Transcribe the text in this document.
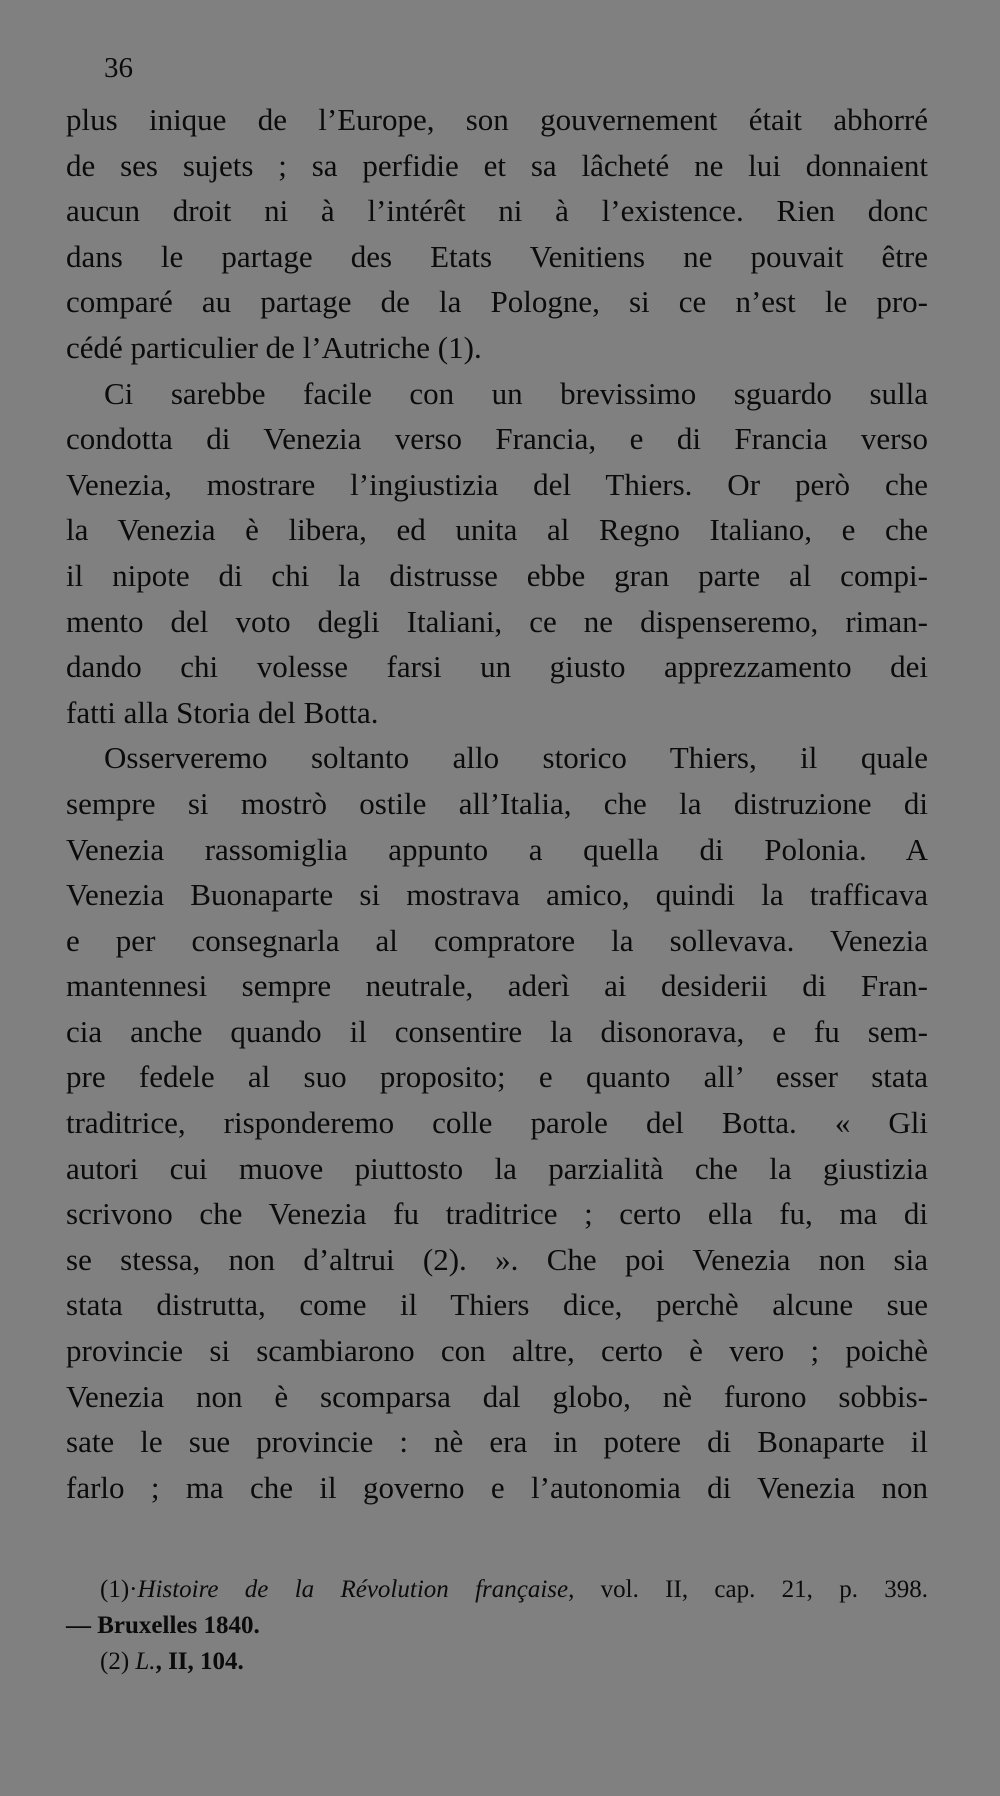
36
plus inique de l’Europe, son gouvernement était abhorré
de ses sujets ; sa perfidie et sa lâcheté ne lui donnaient
aucun droit ni à l’intérêt ni à l’existence. Rien donc
dans le partage des Etats Venitiens ne pouvait être
comparé au partage de la Pologne, si ce n’est le pro-
cédé particulier de l’Autriche (1).
Ci sarebbe facile con un brevissimo sguardo sulla
condotta di Venezia verso Francia, e di Francia verso
Venezia, mostrare l’ingiustizia del Thiers. Or però che
la Venezia è libera, ed unita al Regno Italiano, e che
il nipote di chi la distrusse ebbe gran parte al compi-
mento del voto degli Italiani, ce ne dispenseremo, riman-
dando chi volesse farsi un giusto apprezzamento dei
fatti alla Storia del Botta.
Osserveremo soltanto allo storico Thiers, il quale
sempre si mostrò ostile all’Italia, che la distruzione di
Venezia rassomiglia appunto a quella di Polonia. A
Venezia Buonaparte si mostrava amico, quindi la trafficava
e per consegnarla al compratore la sollevava. Venezia
mantennesi sempre neutrale, aderì ai desiderii di Fran-
cia anche quando il consentire la disonorava, e fu sem-
pre fedele al suo proposito; e quanto all’ esser stata
traditrice, risponderemo colle parole del Botta. « Gli
autori cui muove piuttosto la parzialità che la giustizia
scrivono che Venezia fu traditrice ; certo ella fu, ma di
se stessa, non d’altrui (2). ». Che poi Venezia non sia
stata distrutta, come il Thiers dice, perchè alcune sue
provincie si scambiarono con altre, certo è vero ; poichè
Venezia non è scomparsa dal globo, nè furono sobbis-
sate le sue provincie : nè era in potere di Bonaparte il
farlo ; ma che il governo e l’autonomia di Venezia non
(1)·Histoire de la Révolution française, vol. II, cap. 21, p. 398.
— Bruxelles 1840.
(2) L., II, 104.
